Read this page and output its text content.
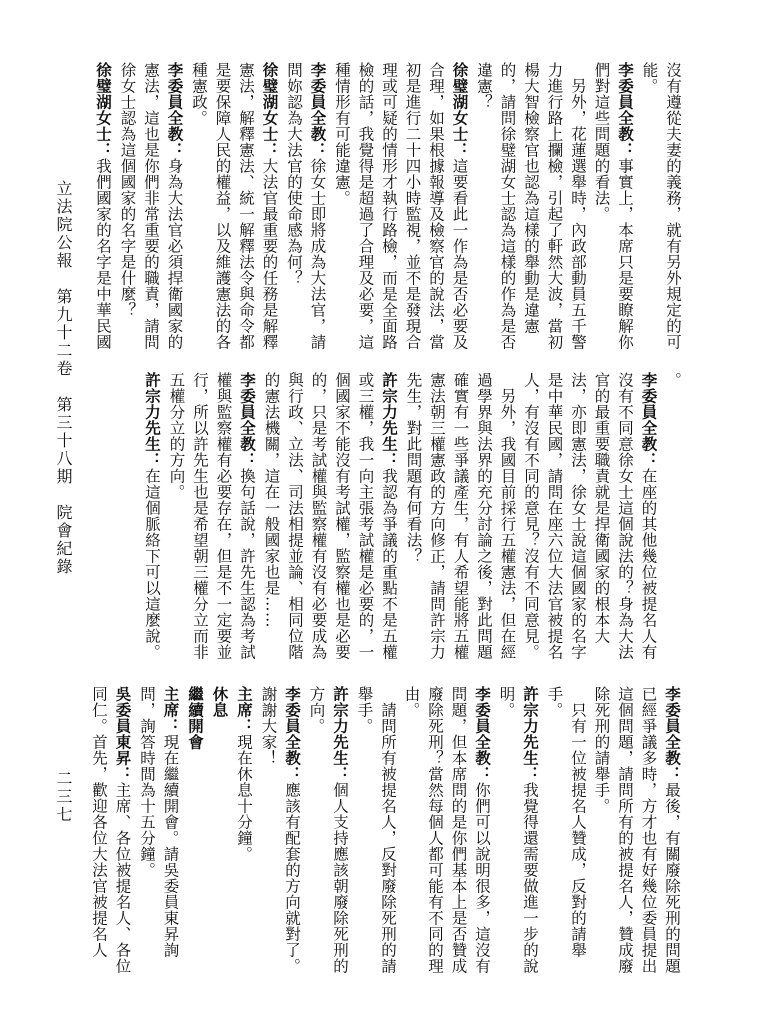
立法院公報　第九十二卷　第三十八期　院會紀錄
二三七

沒有遵從夫妻的義務，就有另外規定的可能。

李委員全教：事實上，本席只是要瞭解你們對這些問題的看法。

另外，花蓮選舉時，內政部動員五千警力進行路上攔檢，引起了軒然大波，當初楊大智檢察官也認為這樣的舉動是違憲的，請問徐璧湖女士認為這樣的作為是否違憲？

徐璧湖女士：這要看此一作為是否必要及合理，如果根據報導及檢察官的說法，當初是進行二十四小時監視，並不是發現合理或可疑的情形才執行路檢，而是全面路檢的話，我覺得是超過了合理及必要，這種情形有可能違憲。

李委員全教：徐女士即將成為大法官，請問妳認為大法官的使命感為何？

徐璧湖女士：大法官最重要的任務是解釋憲法，解釋憲法、統一解釋法令與命令都是要保障人民的權益，以及維護憲法的各種憲政。

李委員全教：身為大法官必須捍衛國家的憲法，這也是你們非常重要的職責，請問徐女士認為這個國家的名字是什麼？

徐璧湖女士：我們國家的名字是中華民國

。

李委員全教：在座的其他幾位被提名人有沒有不同意徐女士這個說法的？身為大法官的最重要職責就是捍衛國家的根本大法，亦即憲法，徐女士說這個國家的名字是中華民國，請問在座六位大法官被提名人，有沒有不同的意見？沒有不同意見。

另外，我國目前採行五權憲法，但在經過學界與法界的充分討論之後，對此問題確實有一些爭議產生，有人希望能將五權憲法朝三權憲政的方向修正，請問許宗力先生，對此問題有何看法？

許宗力先生：我認為爭議的重點不是五權或三權，我一向主張考試權是必要的，一個國家不能沒有考試權，監察權也是必要的，只是考試權與監察權有沒有必要成為與行政、立法、司法相提並論、相同位階的憲法機關，這在一般國家也是……

李委員全教：換句話說，許先生認為考試權與監察權有必要存在，但是不一定要並行，所以許先生也是希望朝三權分立而非五權分立的方向。

許宗力先生：在這個脈絡下可以這麼說。

李委員全教：最後，有關廢除死刑的問題已經爭議多時，方才也有好幾位委員提出這個問題，請問所有的被提名人，贊成廢除死刑的請舉手。

只有一位被提名人贊成，反對的請舉手。

許宗力先生：我覺得還需要做進一步的說明。

李委員全教：你們可以說明很多，這沒有問題，但本席問的是你們基本上是否贊成廢除死刑？當然每個人都可能有不同的理由。

請問所有被提名人，反對廢除死刑的請舉手。

許宗力先生：個人支持應該朝廢除死刑的方向。

李委員全教：應該有配套的方向就對了。謝謝大家！

主席：現在休息十分鐘。

休息

繼續開會

主席：現在繼續開會。請吳委員東昇詢問，詢答時間為十五分鐘。

吳委員東昇：主席、各位被提名人、各位同仁。首先，歡迎各位大法官被提名人
